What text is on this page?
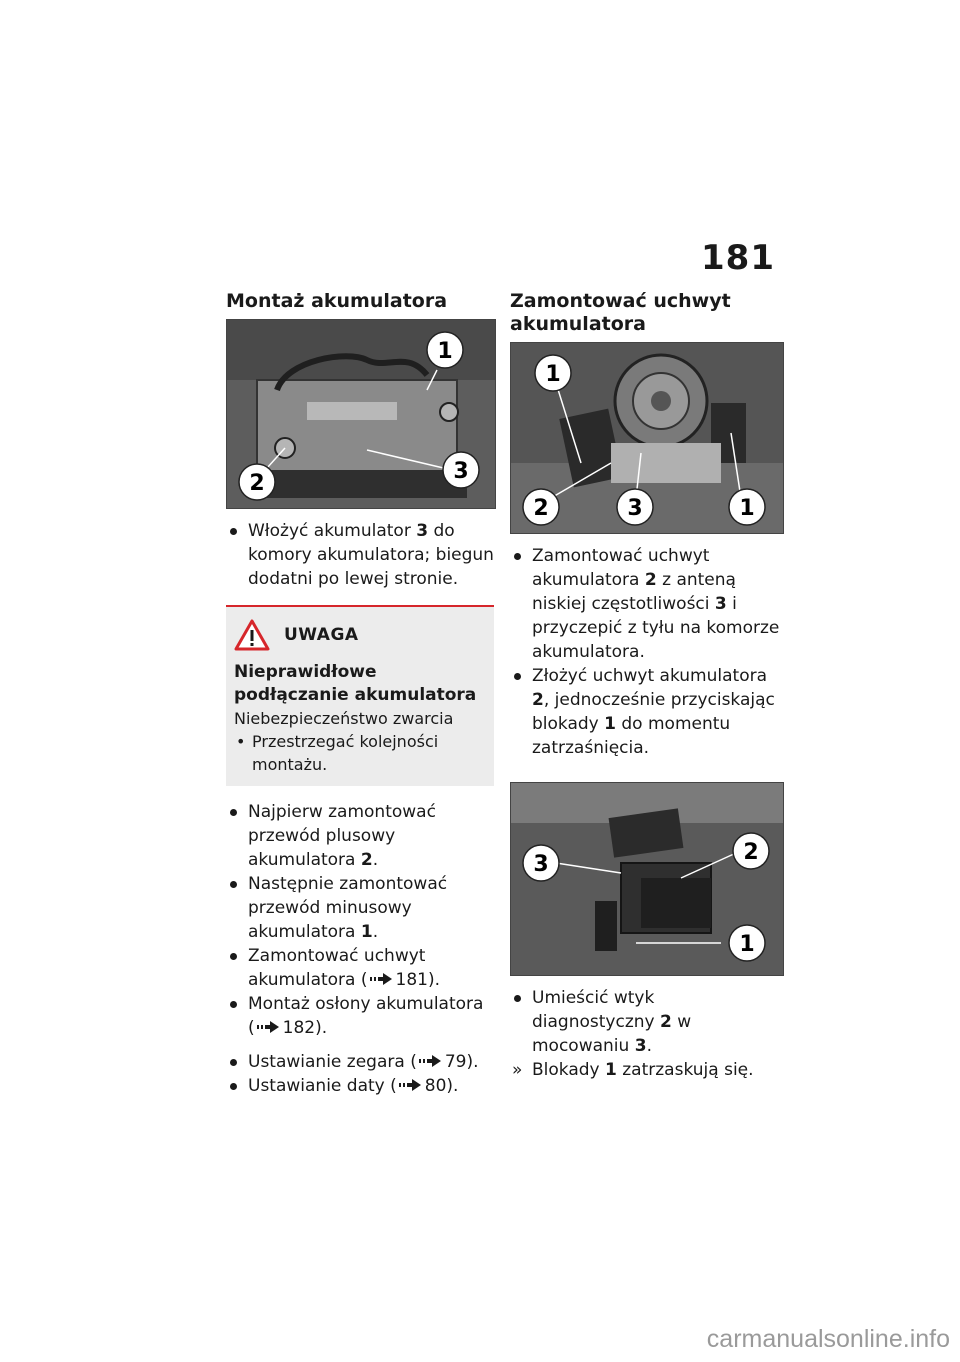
181
Montaż akumulatora
1
2	3
Włożyć akumulator 3 do komory akumulatora; biegun dodatni po lewej stronie.
UWAGA
Nieprawidłowe podłączanie akumulatora
Niebezpieczeństwo zwarcia
• Przestrzegać kolejności montażu.
Najpierw zamontować przewód plusowy akumulatora 2.
Następnie zamontować przewód minusowy akumulatora 1.
Zamontować uchwyt akumulatora ( 181).
Montaż osłony akumulatora ( 182).
Ustawianie zegara ( 79).
Ustawianie daty ( 80).
Zamontować uchwyt akumulatora
1
2	3	1
Zamontować uchwyt akumulatora 2 z anteną niskiej częstotliwości 3 i przyczepić z tyłu na komorze akumulatora.
Złożyć uchwyt akumulatora 2, jednocześnie przyciskając blokady 1 do momentu zatrzaśnięcia.
3	2
1
Umieścić wtyk diagnostyczny 2 w mocowaniu 3.
» Blokady 1 zatrzaskują się.
carmanualsonline.info
